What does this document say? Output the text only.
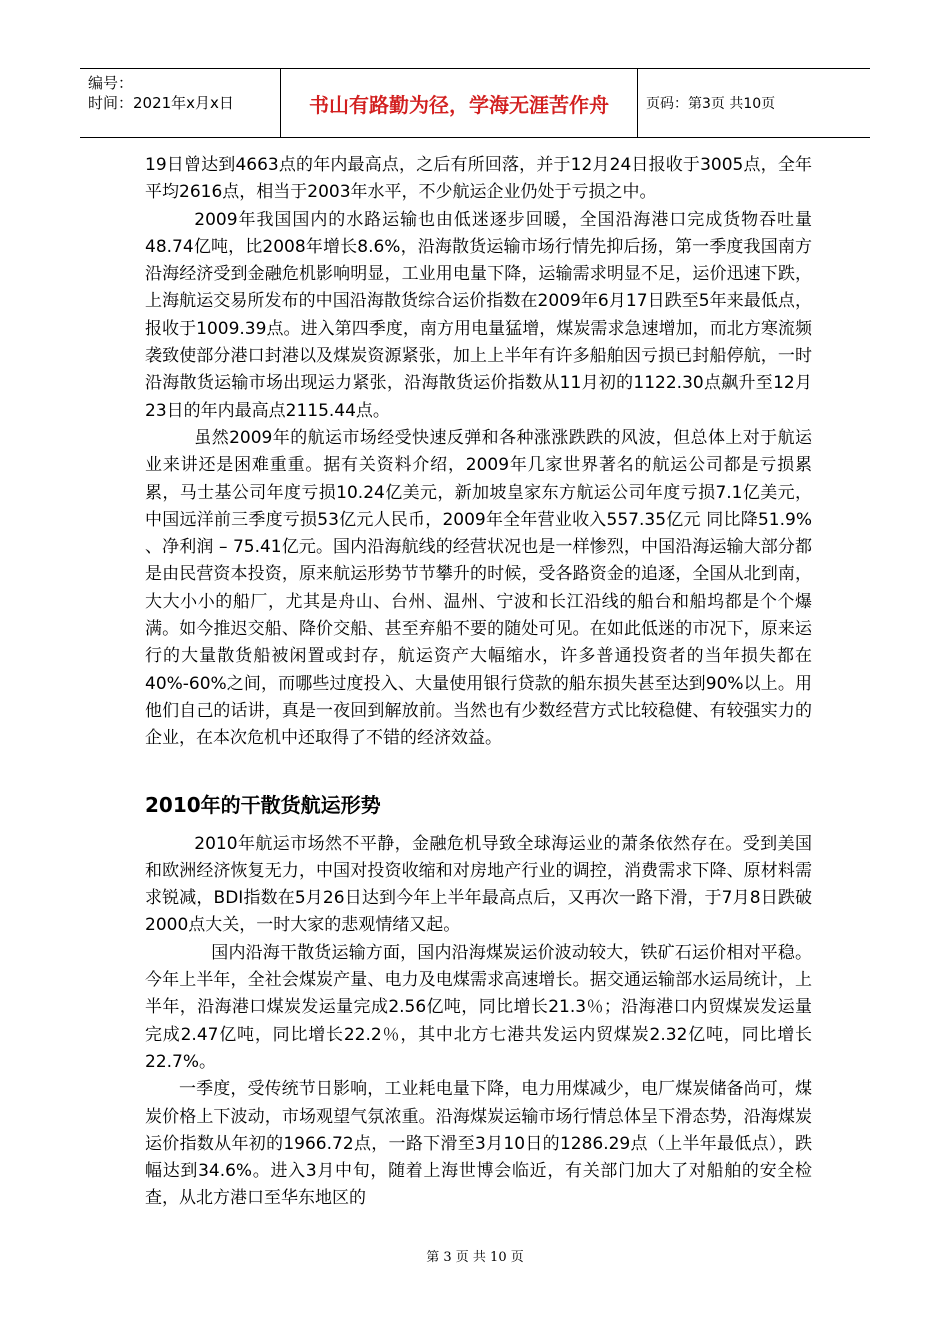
编号：
时间：2021年x月x日	书山有路勤为径，学海无涯苦作舟	页码：第3页 共10页

19日曾达到4663点的年内最高点，之后有所回落，并于12月24日报收于3005点，全年平均2616点，相当于2003年水平，不少航运企业仍处于亏损之中。

2009年我国国内的水路运输也由低迷逐步回暖，全国沿海港口完成货物吞吐量48.74亿吨，比2008年增长8.6%，沿海散货运输市场行情先抑后扬，第一季度我国南方沿海经济受到金融危机影响明显，工业用电量下降，运输需求明显不足，运价迅速下跌，上海航运交易所发布的中国沿海散货综合运价指数在2009年6月17日跌至5年来最低点，报收于1009.39点。进入第四季度，南方用电量猛增，煤炭需求急速增加，而北方寒流频袭致使部分港口封港以及煤炭资源紧张，加上上半年有许多船舶因亏损已封船停航，一时沿海散货运输市场出现运力紧张，沿海散货运价指数从11月初的1122.30点飙升至12月23日的年内最高点2115.44点。

虽然2009年的航运市场经受快速反弹和各种涨涨跌跌的风波，但总体上对于航运业来讲还是困难重重。据有关资料介绍，2009年几家世界著名的航运公司都是亏损累累，马士基公司年度亏损10.24亿美元，新加坡皇家东方航运公司年度亏损7.1亿美元，中国远洋前三季度亏损53亿元人民币，2009年全年营业收入557.35亿元 同比降51.9% 、净利润 – 75.41亿元。国内沿海航线的经营状况也是一样惨烈，中国沿海运输大部分都是由民营资本投资，原来航运形势节节攀升的时候，受各路资金的追逐，全国从北到南，大大小小的船厂，尤其是舟山、台州、温州、宁波和长江沿线的船台和船坞都是个个爆满。如今推迟交船、降价交船、甚至弃船不要的随处可见。在如此低迷的市况下，原来运行的大量散货船被闲置或封存，航运资产大幅缩水，许多普通投资者的当年损失都在40%-60%之间，而哪些过度投入、大量使用银行贷款的船东损失甚至达到90%以上。用他们自己的话讲，真是一夜回到解放前。当然也有少数经营方式比较稳健、有较强实力的企业，在本次危机中还取得了不错的经济效益。

2010年的干散货航运形势

2010年航运市场然不平静，金融危机导致全球海运业的萧条依然存在。受到美国和欧洲经济恢复无力，中国对投资收缩和对房地产行业的调控，消费需求下降、原材料需求锐减，BDI指数在5月26日达到今年上半年最高点后，又再次一路下滑，于7月8日跌破2000点大关，一时大家的悲观情绪又起。

国内沿海干散货运输方面，国内沿海煤炭运价波动较大，铁矿石运价相对平稳。今年上半年，全社会煤炭产量、电力及电煤需求高速增长。据交通运输部水运局统计，上半年，沿海港口煤炭发运量完成2.56亿吨，同比增长21.3％；沿海港口内贸煤炭发运量完成2.47亿吨，同比增长22.2％，其中北方七港共发运内贸煤炭2.32亿吨，同比增长22.7%。

一季度，受传统节日影响，工业耗电量下降，电力用煤减少，电厂煤炭储备尚可，煤炭价格上下波动，市场观望气氛浓重。沿海煤炭运输市场行情总体呈下滑态势，沿海煤炭运价指数从年初的1966.72点，一路下滑至3月10日的1286.29点（上半年最低点），跌幅达到34.6%。进入3月中旬，随着上海世博会临近，有关部门加大了对船舶的安全检查，从北方港口至华东地区的

第 3 页 共 10 页
